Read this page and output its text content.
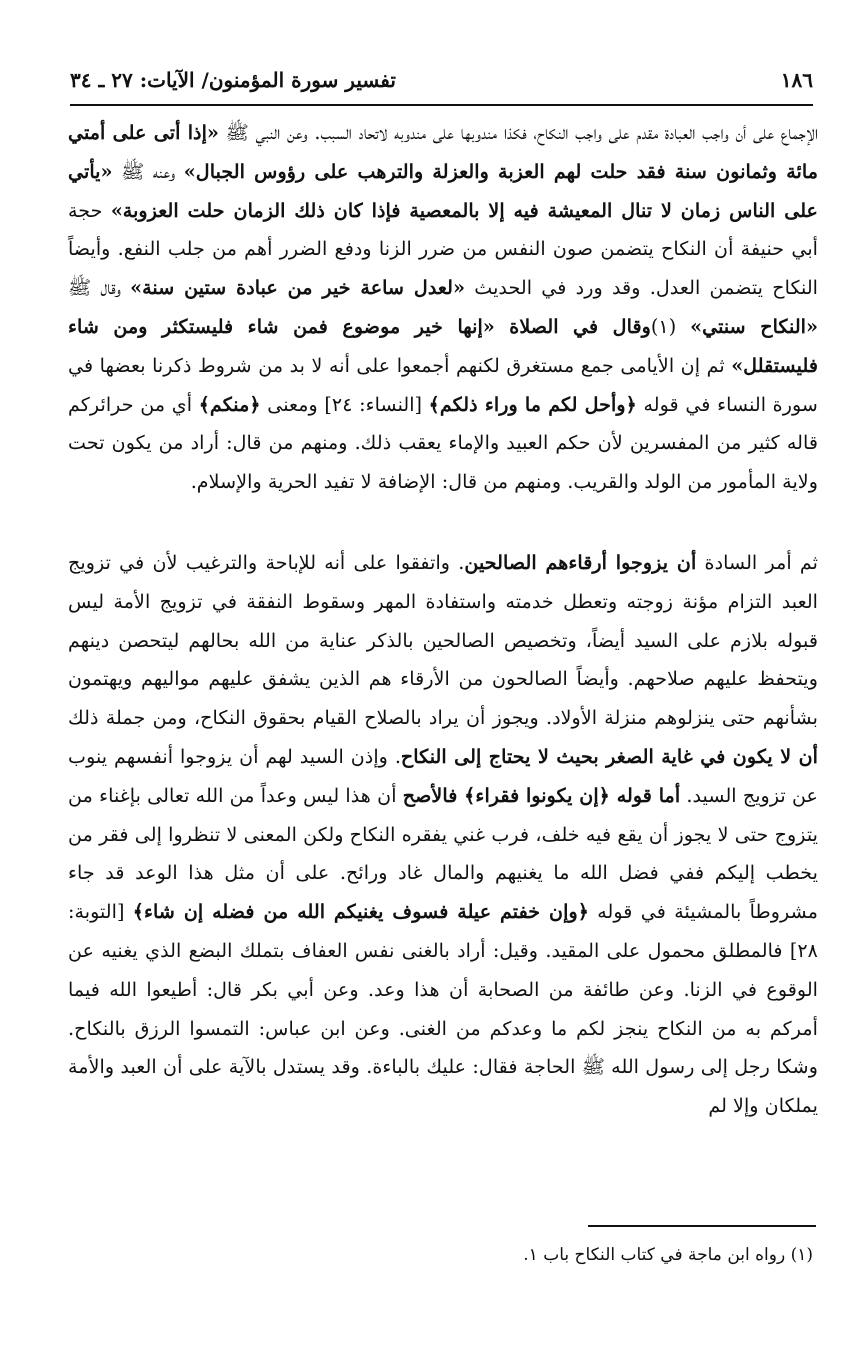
١٨٦
تفسير سورة المؤمنون/ الآيات: ٢٧ ـ ٣٤

الإجماع على أن واجب العبادة مقدم على واجب النكاح، فكذا مندوبها على مندوبه لاتحاد السبب. وعن النبي ﷺ «إذا أتى على أمتي مائة وثمانون سنة فقد حلت لهم العزبة والعزلة والترهب على رؤوس الجبال» وعنه ﷺ «يأتي على الناس زمان لا تنال المعيشة فيه إلا بالمعصية فإذا كان ذلك الزمان حلت العزوبة» حجة أبي حنيفة أن النكاح يتضمن صون النفس من ضرر الزنا ودفع الضرر أهم من جلب النفع. وأيضاً النكاح يتضمن العدل. وقد ورد في الحديث «لعدل ساعة خير من عبادة ستين سنة» وقال ﷺ «النكاح سنتي» (١)وقال في الصلاة «إنها خير موضوع فمن شاء فليستكثر ومن شاء فليستقلل» ثم إن الأيامى جمع مستغرق لكنهم أجمعوا على أنه لا بد من شروط ذكرنا بعضها في سورة النساء في قوله ﴿وأحل لكم ما وراء ذلكم﴾ [النساء: ٢٤] ومعنى ﴿منكم﴾ أي من حرائركم قاله كثير من المفسرين لأن حكم العبيد والإماء يعقب ذلك. ومنهم من قال: أراد من يكون تحت ولاية المأمور من الولد والقريب. ومنهم من قال: الإضافة لا تفيد الحرية والإسلام.

ثم أمر السادة أن يزوجوا أرقاءهم الصالحين. واتفقوا على أنه للإباحة والترغيب لأن في تزويج العبد التزام مؤنة زوجته وتعطل خدمته واستفادة المهر وسقوط النفقة في تزويج الأمة ليس قبوله بلازم على السيد أيضاً، وتخصيص الصالحين بالذكر عناية من الله بحالهم ليتحصن دينهم ويتحفظ عليهم صلاحهم. وأيضاً الصالحون من الأرقاء هم الذين يشفق عليهم مواليهم ويهتمون بشأنهم حتى ينزلوهم منزلة الأولاد. ويجوز أن يراد بالصلاح القيام بحقوق النكاح، ومن جملة ذلك أن لا يكون في غاية الصغر بحيث لا يحتاج إلى النكاح. وإذن السيد لهم أن يزوجوا أنفسهم ينوب عن تزويج السيد. أما قوله ﴿إن يكونوا فقراء﴾ فالأصح أن هذا ليس وعداً من الله تعالى بإغناء من يتزوج حتى لا يجوز أن يقع فيه خلف، فرب غني يفقره النكاح ولكن المعنى لا تنظروا إلى فقر من يخطب إليكم ففي فضل الله ما يغنيهم والمال غاد ورائح. على أن مثل هذا الوعد قد جاء مشروطاً بالمشيئة في قوله ﴿وإن خفتم عيلة فسوف يغنيكم الله من فضله إن شاء﴾ [التوبة: ٢٨] فالمطلق محمول على المقيد. وقيل: أراد بالغنى نفس العفاف بتملك البضع الذي يغنيه عن الوقوع في الزنا. وعن طائفة من الصحابة أن هذا وعد. وعن أبي بكر قال: أطيعوا الله فيما أمركم به من النكاح ينجز لكم ما وعدكم من الغنى. وعن ابن عباس: التمسوا الرزق بالنكاح. وشكا رجل إلى رسول الله ﷺ الحاجة فقال: عليك بالباءة. وقد يستدل بالآية على أن العبد والأمة يملكان وإلا لم

(١) رواه ابن ماجة في كتاب النكاح باب ١.
